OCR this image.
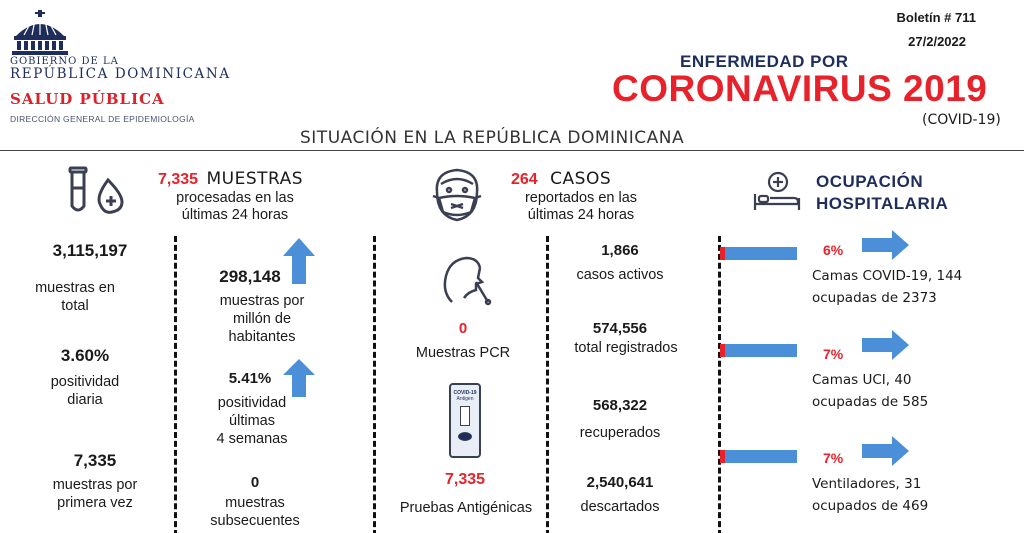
GOBIERNO DE LA
REPÚBLICA DOMINICANA
SALUD PÚBLICA
DIRECCIÓN GENERAL DE EPIDEMIOLOGÍA
Boletín # 711
27/2/2022
ENFERMEDAD POR
CORONAVIRUS 2019
(COVID-19)
SITUACIÓN EN LA REPÚBLICA DOMINICANA
7,335 MUESTRAS
procesadas en las
últimas 24 horas
3,115,197
muestras en
total
3.60%
positividad
diaria
7,335
muestras por
primera vez
298,148
muestras por
millón de
habitantes
5.41%
positividad
últimas
4 semanas
0
muestras
subsecuentes
0
Muestras PCR
COVID-19
Antigen
7,335
Pruebas Antigénicas
264 CASOS
reportados en las
últimas 24 horas
1,866
casos activos
574,556
total registrados
568,322
recuperados
2,540,641
descartados
OCUPACIÓN
HOSPITALARIA
6%
Camas COVID-19, 144
ocupadas de 2373
7%
Camas UCI, 40
ocupadas de 585
7%
Ventiladores, 31
ocupados de 469
